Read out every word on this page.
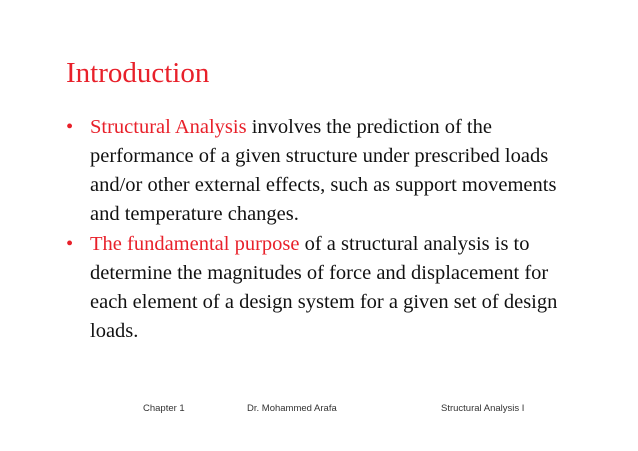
Introduction
• Structural Analysis involves the prediction of the performance of a given structure under prescribed loads and/or other external effects, such as support movements and temperature changes.
• The fundamental purpose of a structural analysis is to determine the magnitudes of force and displacement for each element of a design system for a given set of design loads.
Chapter 1	Dr. Mohammed Arafa	Structural Analysis I
